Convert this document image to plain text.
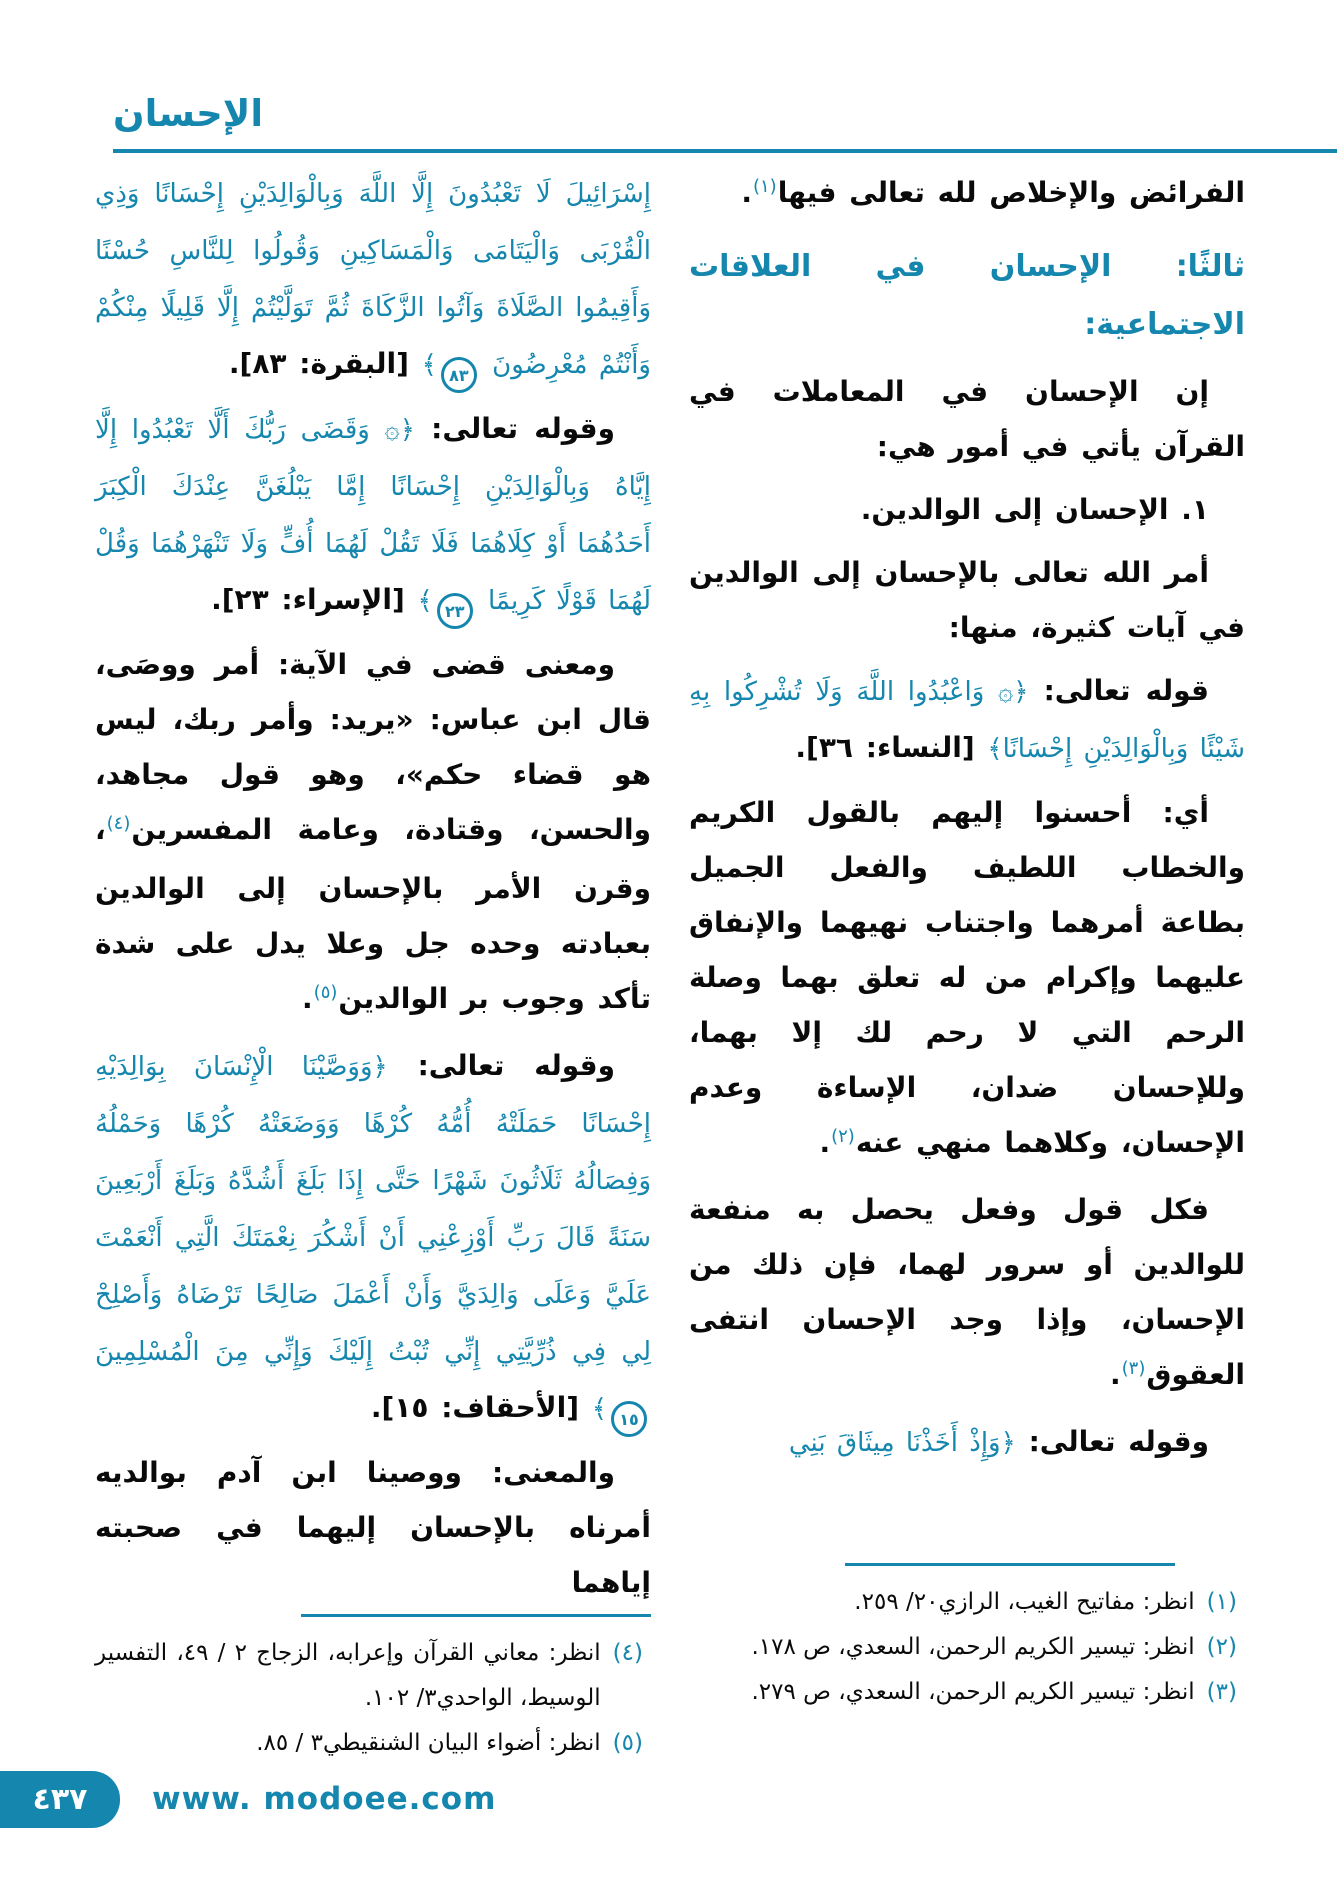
الإحسان

الفرائض والإخلاص لله تعالى فيها$^{(١)}$.

ثالثًا: الإحسان في العلاقات
الاجتماعية:

إن الإحسان في المعاملات في القرآن يأتي في أمور هي:

١. الإحسان إلى الوالدين.

أمر الله تعالى بالإحسان إلى الوالدين في آيات كثيرة، منها:

قوله تعالى: ﴿۞ وَاعْبُدُوا اللَّهَ وَلَا تُشْرِكُوا بِهِ شَيْئًا وَبِالْوَالِدَيْنِ إِحْسَانًا﴾ [النساء: ٣٦].

أي: أحسنوا إليهم بالقول الكريم والخطاب اللطيف والفعل الجميل بطاعة أمرهما واجتناب نهيهما والإنفاق عليهما وإكرام من له تعلق بهما وصلة الرحم التي لا رحم لك إلا بهما، وللإحسان ضدان، الإساءة وعدم الإحسان، وكلاهما منهي عنه$^{(٢)}$.

فكل قول وفعل يحصل به منفعة للوالدين أو سرور لهما، فإن ذلك من الإحسان، وإذا وجد الإحسان انتفى العقوق$^{(٣)}$.

وقوله تعالى: ﴿وَإِذْ أَخَذْنَا مِيثَاقَ بَنِي

(١)
انظر: مفاتيح الغيب، الرازي٢٠/ ٢٥٩.
(٢)
انظر: تيسير الكريم الرحمن، السعدي، ص ١٧٨.
(٣)
انظر: تيسير الكريم الرحمن، السعدي، ص ٢٧٩.

إِسْرَائِيلَ لَا تَعْبُدُونَ إِلَّا اللَّهَ وَبِالْوَالِدَيْنِ إِحْسَانًا وَذِي الْقُرْبَى وَالْيَتَامَى وَالْمَسَاكِينِ وَقُولُوا لِلنَّاسِ حُسْنًا وَأَقِيمُوا الصَّلَاةَ وَآتُوا الزَّكَاةَ ثُمَّ تَوَلَّيْتُمْ إِلَّا قَلِيلًا مِنْكُمْ وَأَنْتُمْ مُعْرِضُونَ ٨٣﴾ [البقرة: ٨٣].

وقوله تعالى: ﴿۞ وَقَضَى رَبُّكَ أَلَّا تَعْبُدُوا إِلَّا إِيَّاهُ وَبِالْوَالِدَيْنِ إِحْسَانًا إِمَّا يَبْلُغَنَّ عِنْدَكَ الْكِبَرَ أَحَدُهُمَا أَوْ كِلَاهُمَا فَلَا تَقُلْ لَهُمَا أُفٍّ وَلَا تَنْهَرْهُمَا وَقُلْ لَهُمَا قَوْلًا كَرِيمًا ٢٣﴾ [الإسراء: ٢٣].

ومعنى قضى في الآية: أمر ووصَى، قال ابن عباس: «يريد: وأمر ربك، ليس هو قضاء حكم»، وهو قول مجاهد، والحسن، وقتادة، وعامة المفسرين$^{(٤)}$، وقرن الأمر بالإحسان إلى الوالدين بعبادته وحده جل وعلا يدل على شدة تأكد وجوب بر الوالدين$^{(٥)}$.

وقوله تعالى: ﴿وَوَصَّيْنَا الْإِنْسَانَ بِوَالِدَيْهِ إِحْسَانًا حَمَلَتْهُ أُمُّهُ كُرْهًا وَوَضَعَتْهُ كُرْهًا وَحَمْلُهُ وَفِصَالُهُ ثَلَاثُونَ شَهْرًا حَتَّى إِذَا بَلَغَ أَشُدَّهُ وَبَلَغَ أَرْبَعِينَ سَنَةً قَالَ رَبِّ أَوْزِعْنِي أَنْ أَشْكُرَ نِعْمَتَكَ الَّتِي أَنْعَمْتَ عَلَيَّ وَعَلَى وَالِدَيَّ وَأَنْ أَعْمَلَ صَالِحًا تَرْضَاهُ وَأَصْلِحْ لِي فِي ذُرِّيَّتِي إِنِّي تُبْتُ إِلَيْكَ وَإِنِّي مِنَ الْمُسْلِمِينَ ١٥﴾ [الأحقاف: ١٥].

والمعنى: ووصينا ابن آدم بوالديه أمرناه بالإحسان إليهما في صحبته إياهما

(٤)
انظر: معاني القرآن وإعرابه، الزجاج ٢ / ٤٩، التفسير الوسيط، الواحدي٣/ ١٠٢.
(٥)
انظر: أضواء البيان الشنقيطي٣ / ٨٥.
٤٣٧ www. modoee.com
